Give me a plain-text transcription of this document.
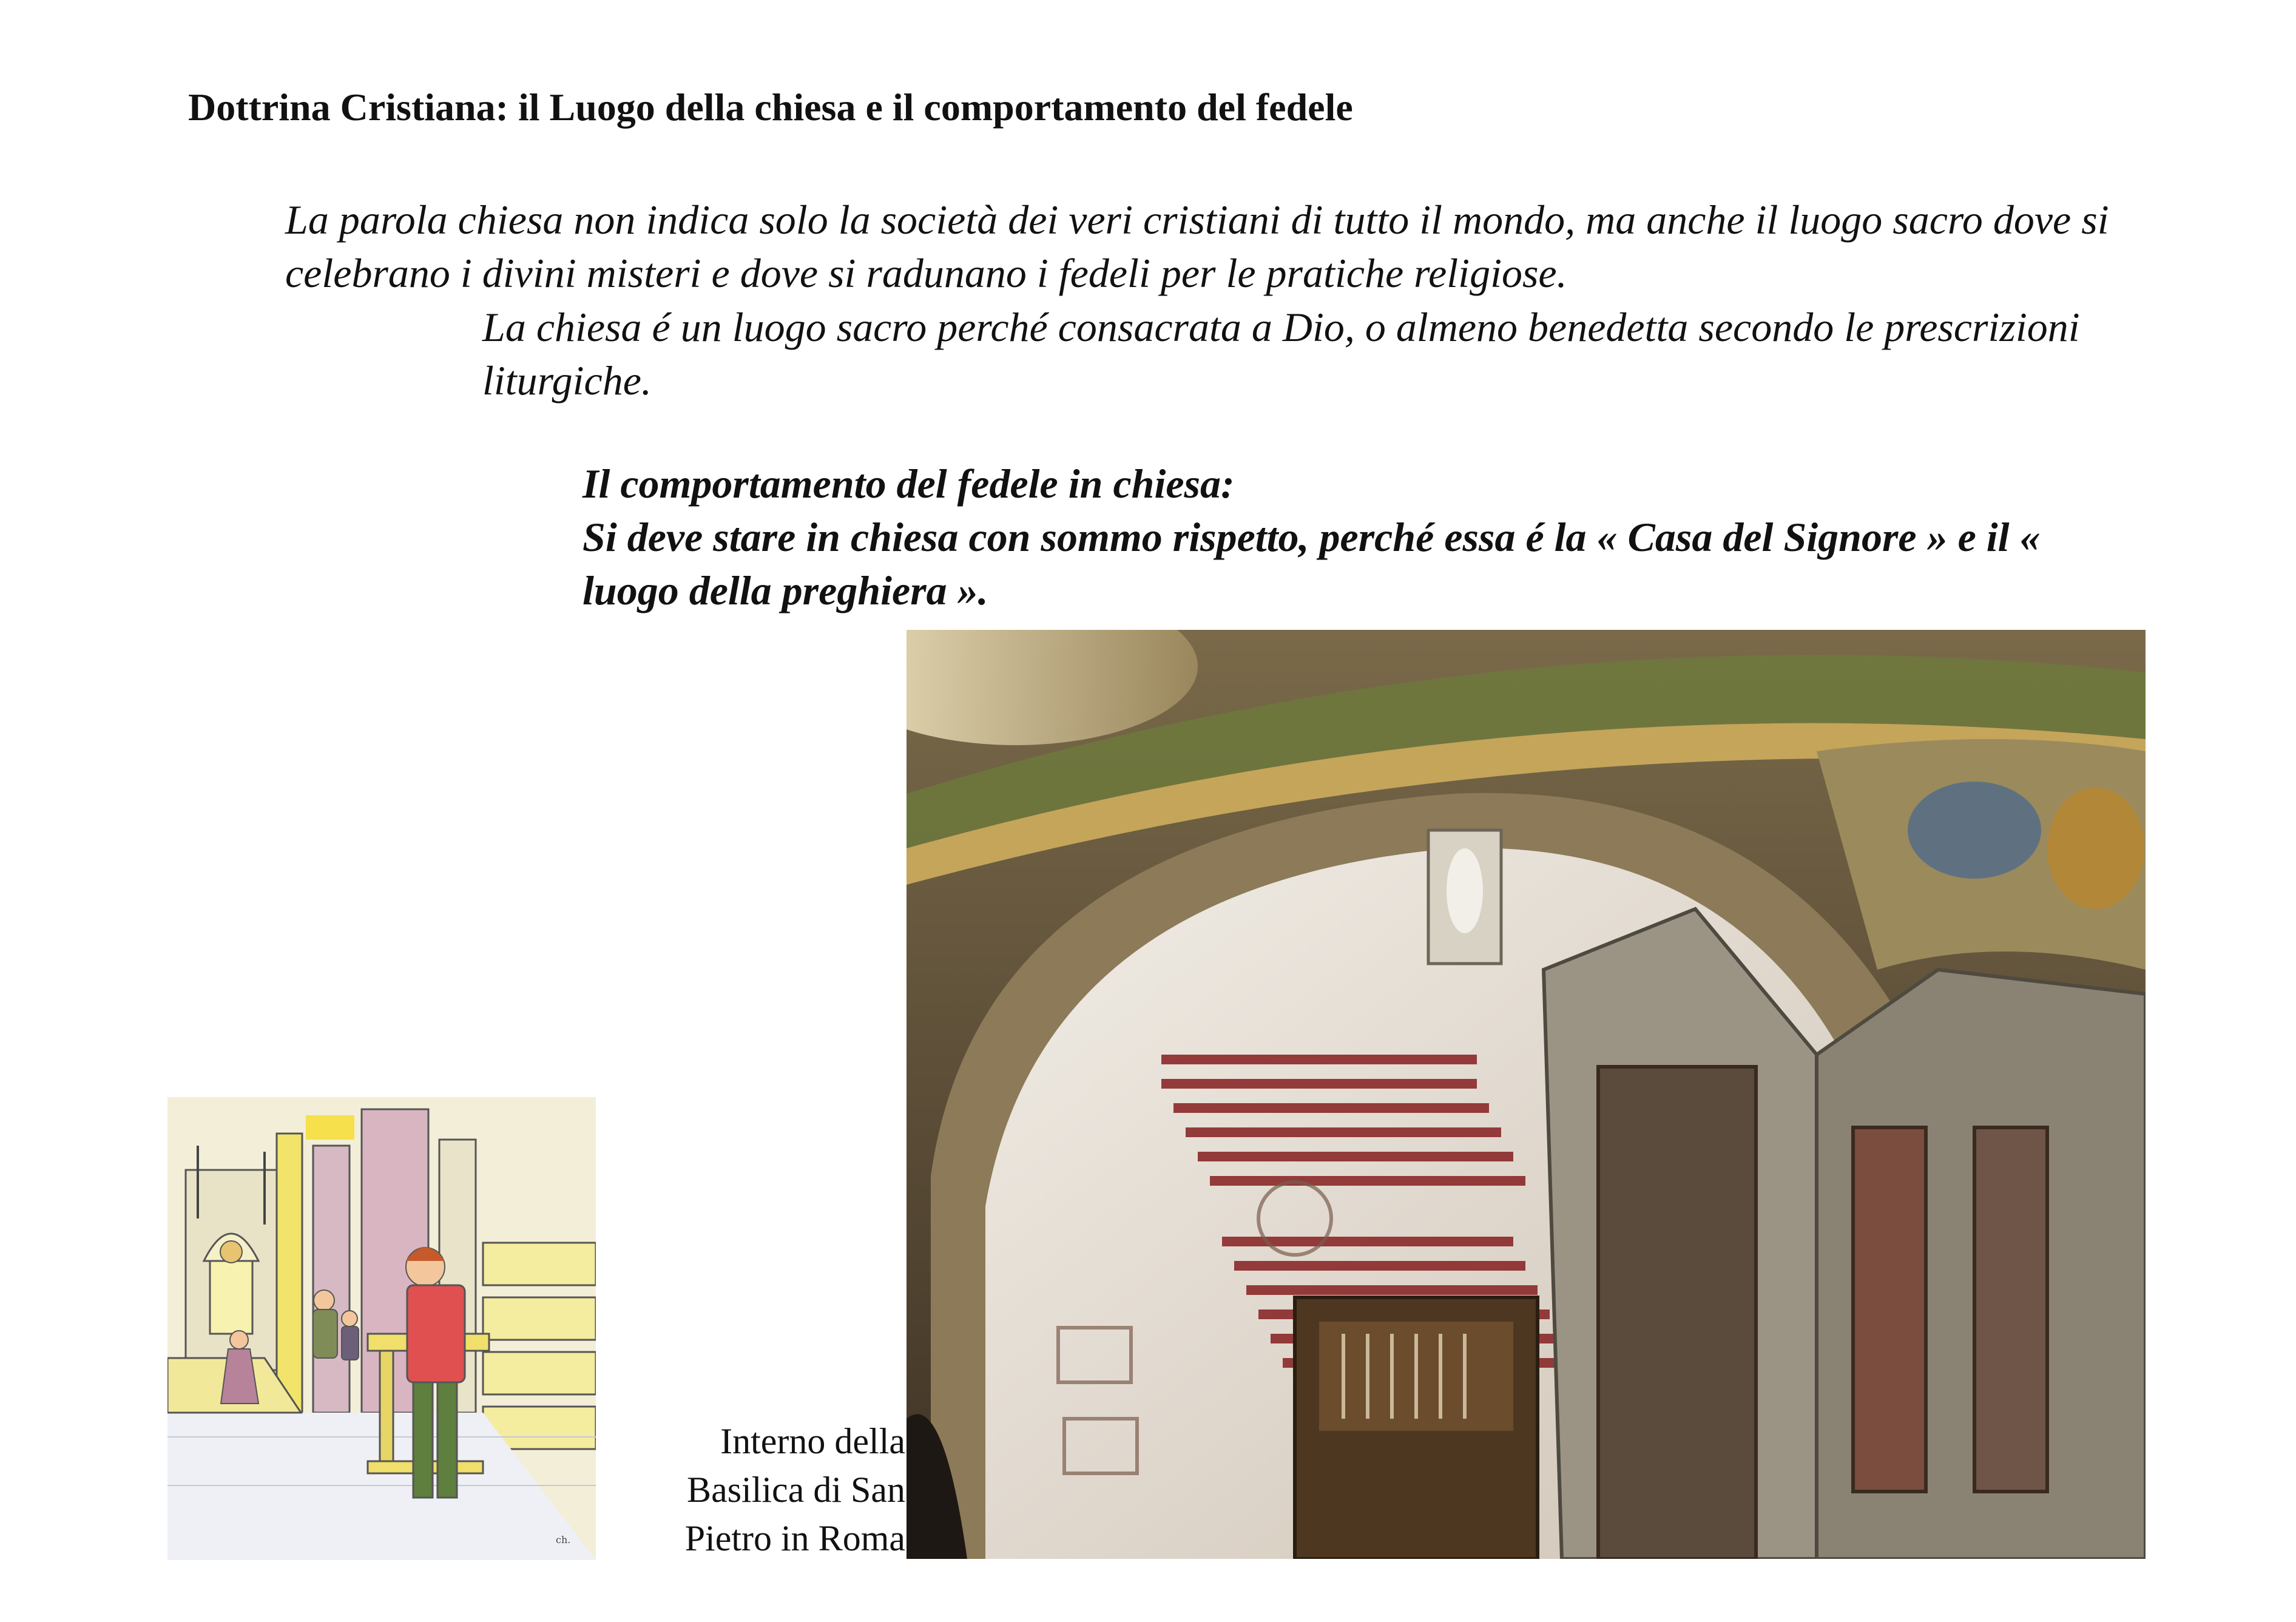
Dottrina Cristiana: il Luogo della chiesa e il comportamento del fedele

La parola chiesa non indica solo la società dei veri cristiani di tutto il mondo, ma anche il luogo sacro dove si celebrano i divini misteri e dove si radunano i fedeli per le pratiche religiose.

La chiesa é un luogo sacro perché consacrata a Dio, o almeno benedetta secondo le prescrizioni liturgiche.

Il comportamento del fedele in chiesa:

Si deve stare in chiesa con sommo rispetto, perché essa é la « Casa del Signore » e il « luogo della preghiera ».

ch.
Interno della
Basilica di San
Pietro in Roma
